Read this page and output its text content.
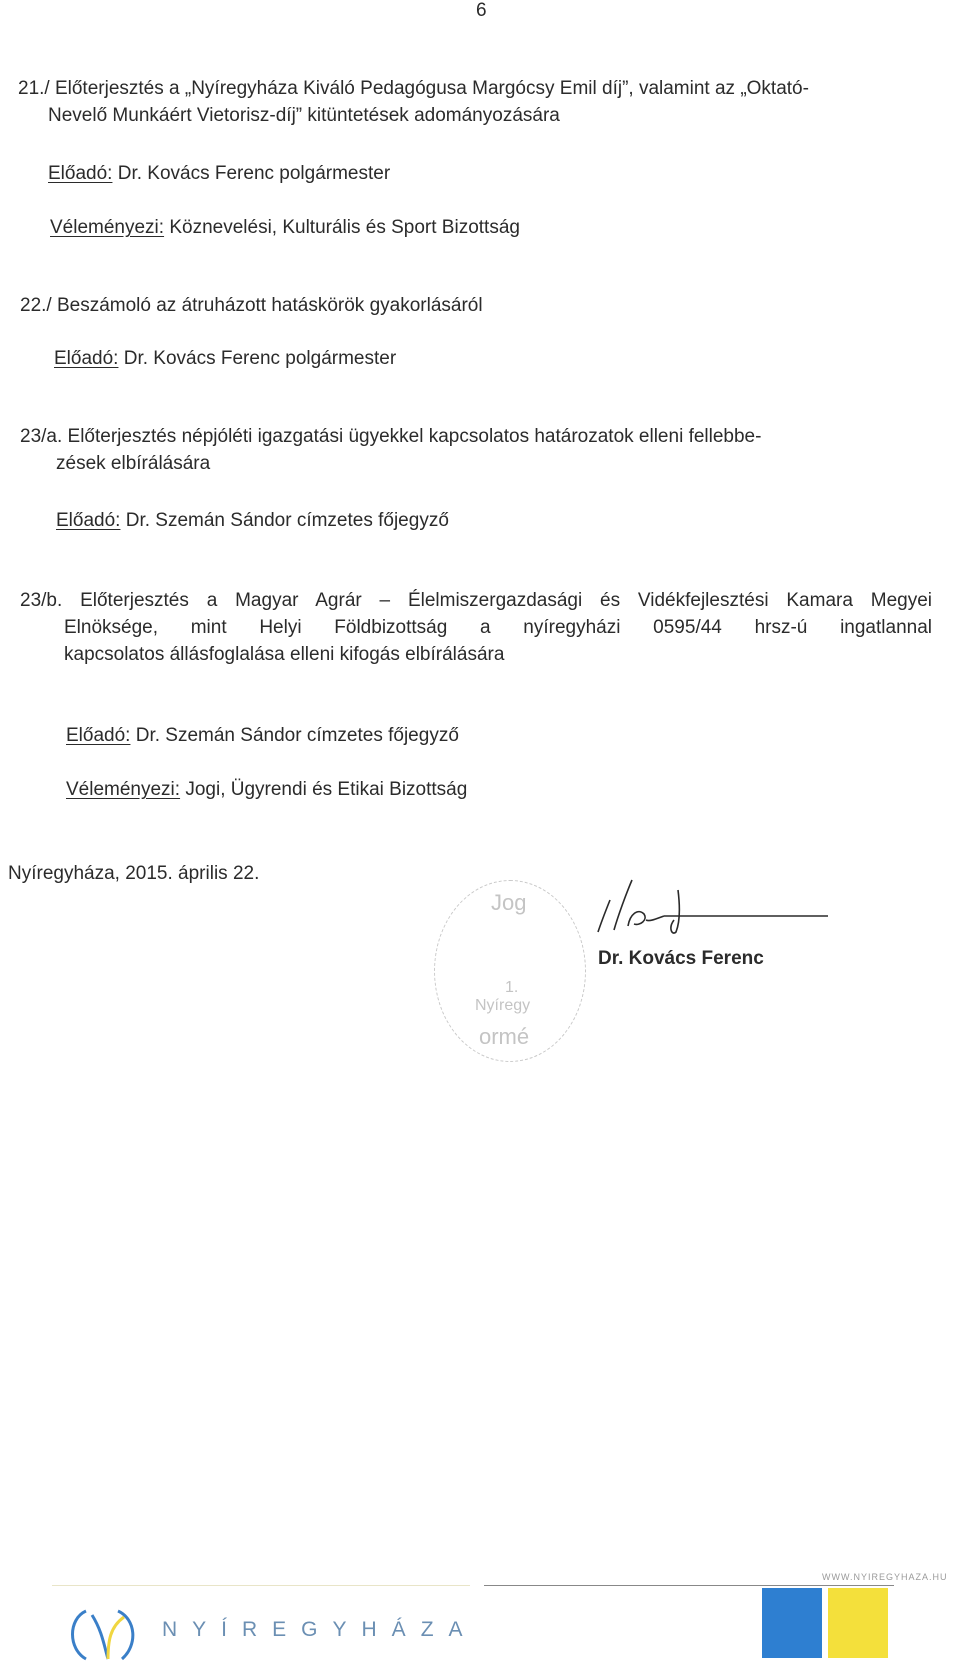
6
21./ Előterjesztés a „Nyíregyháza Kiváló Pedagógusa Margócsy Emil díj”, valamint az „Oktató-
Nevelő Munkáért Vietorisz-díj” kitüntetések adományozására
Előadó: Dr. Kovács Ferenc polgármester
Véleményezi: Köznevelési, Kulturális és Sport Bizottság
22./ Beszámoló az átruházott hatáskörök gyakorlásáról
Előadó: Dr. Kovács Ferenc polgármester
23/a. Előterjesztés népjóléti igazgatási ügyekkel kapcsolatos határozatok elleni fellebbe-
zések elbírálására
Előadó: Dr. Szemán Sándor címzetes főjegyző
23/b. Előterjesztés a Magyar Agrár – Élelmiszergazdasági és Vidékfejlesztési Kamara Megyei
Elnöksége, mint Helyi Földbizottság a nyíregyházi 0595/44 hrsz-ú ingatlannal
kapcsolatos állásfoglalása elleni kifogás elbírálására
Előadó: Dr. Szemán Sándor címzetes főjegyző
Véleményezi: Jogi, Ügyrendi és Etikai Bizottság
Nyíregyháza, 2015. április 22.
Jog
1.
Nyíregy
ormé
Dr. Kovács Ferenc
WWW.NYIREGYHAZA.HU
NYÍREGYHÁZA
